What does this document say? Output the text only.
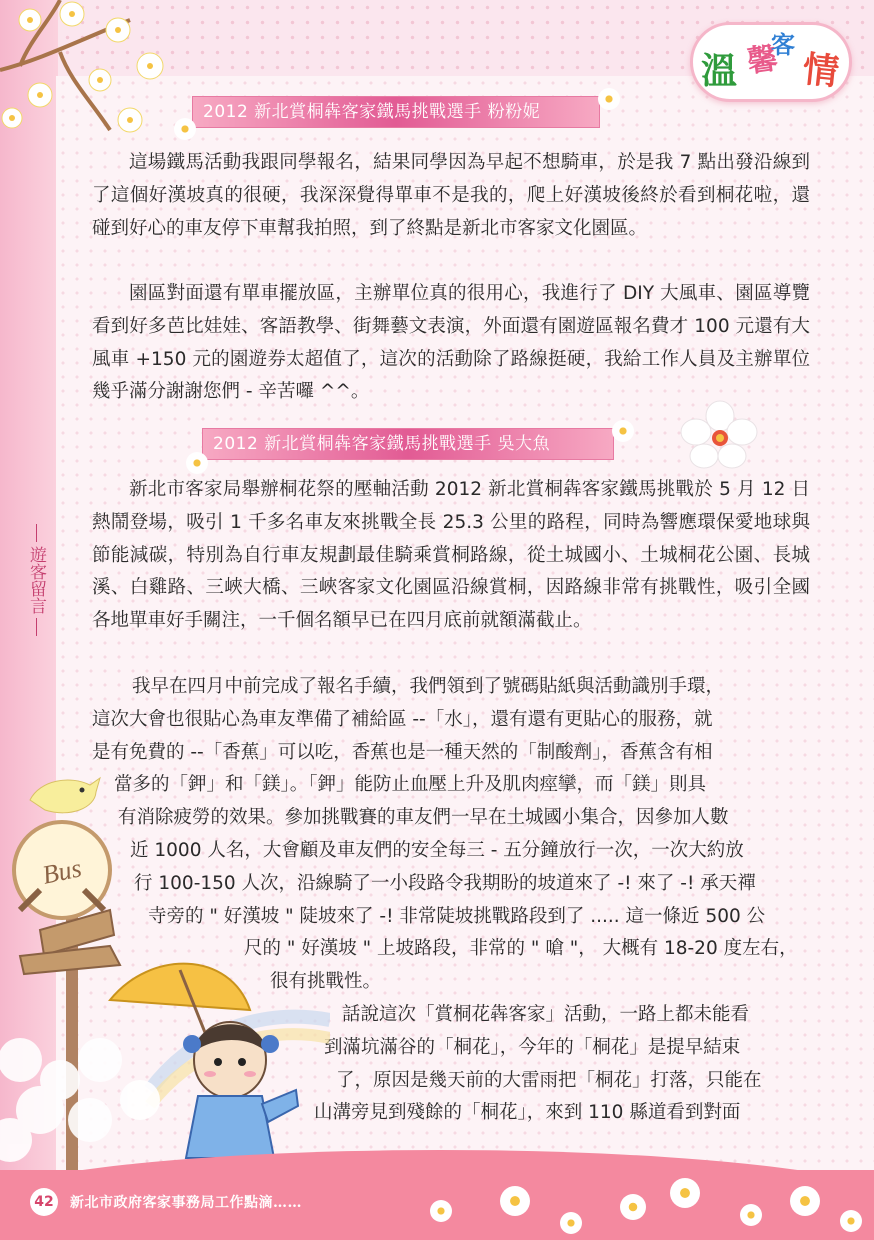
溫 馨
客
情
2012 新北賞桐犇客家鐵馬挑戰選手 粉粉妮

這場鐵馬活動我跟同學報名，結果同學因為早起不想騎車，於是我 7 點出發沿線到了這個好漢坡真的很硬，我深深覺得單車不是我的，爬上好漢坡後終於看到桐花啦，還碰到好心的車友停下車幫我拍照，到了終點是新北市客家文化園區。

園區對面還有單車擺放區，主辦單位真的很用心，我進行了 DIY 大風車、園區導覽看到好多芭比娃娃、客語教學、街舞藝文表演，外面還有園遊區報名費才 100 元還有大風車 +150 元的園遊券太超值了，這次的活動除了路線挺硬，我給工作人員及主辦單位幾乎滿分謝謝您們 - 辛苦囉 ^^。

2012 新北賞桐犇客家鐵馬挑戰選手 吳大魚

新北市客家局舉辦桐花祭的壓軸活動 2012 新北賞桐犇客家鐵馬挑戰於 5 月 12 日熱鬧登場，吸引 1 千多名車友來挑戰全長 25.3 公里的路程，同時為響應環保愛地球與節能減碳，特別為自行車友規劃最佳騎乘賞桐路線，從土城國小、土城桐花公園、長城溪、白雞路、三峽大橋、三峽客家文化園區沿線賞桐，因路線非常有挑戰性，吸引全國各地單車好手關注，一千個名額早已在四月底前就額滿截止。

我早在四月中前完成了報名手續，我們領到了號碼貼紙與活動識別手環，
這次大會也很貼心為車友準備了補給區 --「水」，還有還有更貼心的服務，就
是有免費的 --「香蕉」可以吃，香蕉也是一種天然的「制酸劑」，香蕉含有相
當多的「鉀」和「鎂」。「鉀」能防止血壓上升及肌肉痙攣，而「鎂」則具
有消除疲勞的效果。參加挑戰賽的車友們一早在土城國小集合，因參加人數
近 1000 人名，大會顧及車友們的安全每三 - 五分鐘放行一次，一次大約放
行 100-150 人次，沿線騎了一小段路令我期盼的坡道來了 -! 來了 -! 承天禪
寺旁的 " 好漢坡 " 陡坡來了 -! 非常陡坡挑戰路段到了 ..... 這一條近 500 公
尺的 " 好漢坡 " 上坡路段，非常的 " 嗆 "， 大概有 18-20 度左右，
很有挑戰性。
話說這次「賞桐花犇客家」活動，一路上都未能看
到滿坑滿谷的「桐花」，今年的「桐花」是提早結束
了，原因是幾天前的大雷雨把「桐花」打落，只能在
山溝旁見到殘餘的「桐花」，來到 110 縣道看到對面
遊客留言
Bus
42	新北市政府客家事務局工作點滴……
